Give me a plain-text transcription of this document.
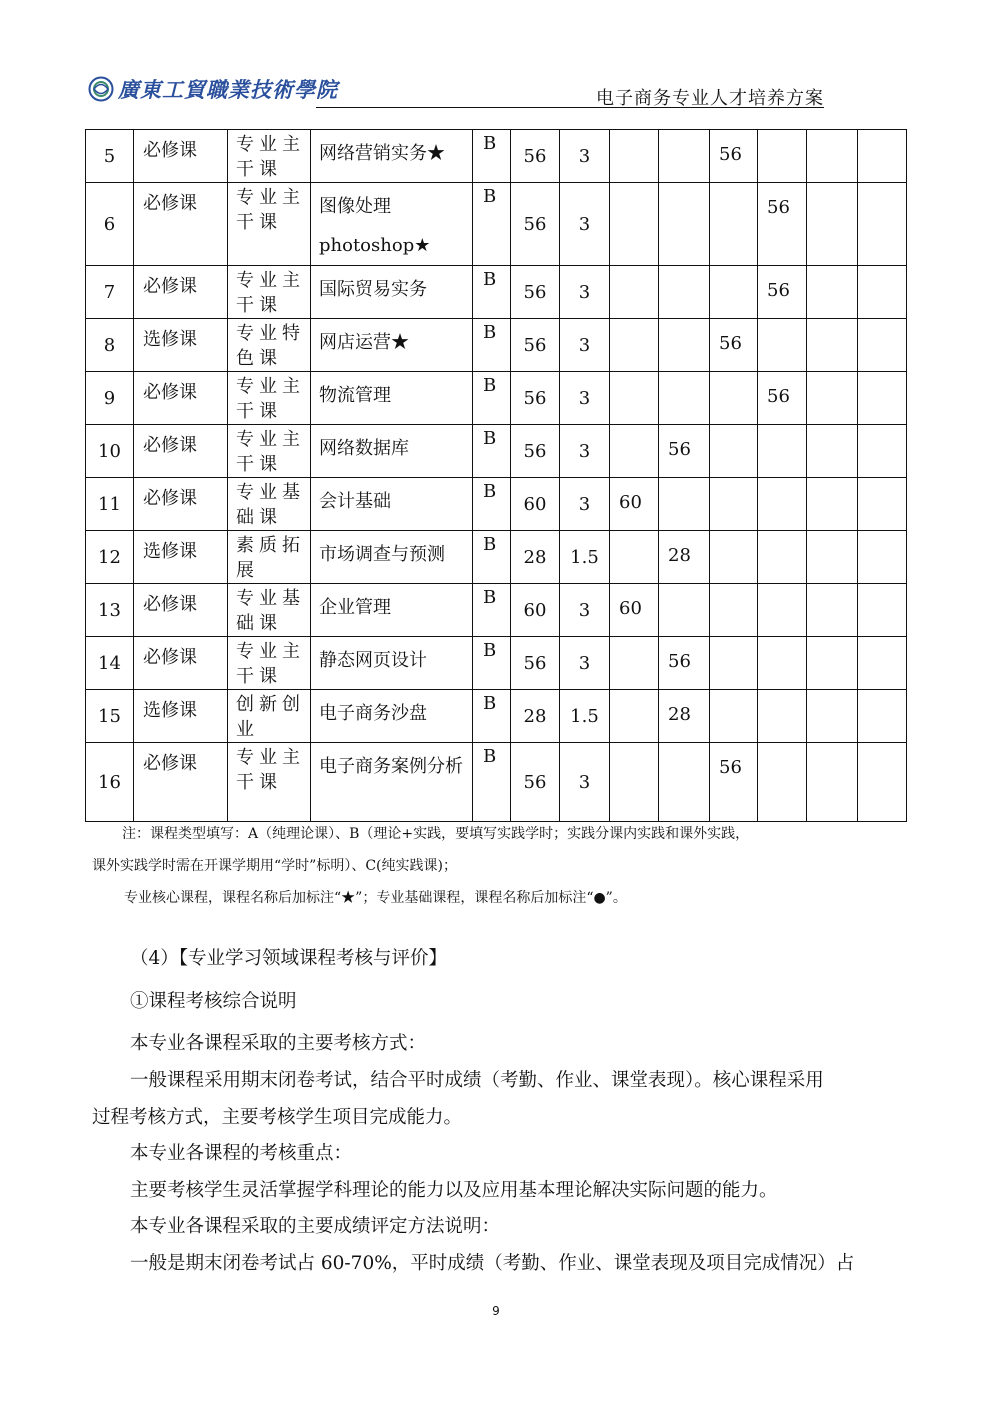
廣東工貿職業技術學院	电子商务专业人才培养方案
5	必修课	专业主干课	网络营销实务★	B	56	3			56			
6	必修课	专业主干课	图像处理 photoshop★	B	56	3				56		
7	必修课	专业主干课	国际贸易实务	B	56	3				56		
8	选修课	专业特色课	网店运营★	B	56	3			56			
9	必修课	专业主干课	物流管理	B	56	3				56		
10	必修课	专业主干课	网络数据库	B	56	3		56				
11	必修课	专业基础课	会计基础	B	60	3	60					
12	选修课	素质拓展	市场调查与预测	B	28	1.5		28				
13	必修课	专业基础课	企业管理	B	60	3	60					
14	必修课	专业主干课	静态网页设计	B	56	3		56				
15	选修课	创新创业	电子商务沙盘	B	28	1.5		28				
16	必修课	专业主干课	电子商务案例分析	B	56	3			56			
注：课程类型填写：A（纯理论课）、B（理论+实践，要填写实践学时；实践分课内实践和课外实践，
课外实践学时需在开课学期用“学时”标明）、C(纯实践课)；
专业核心课程，课程名称后加标注“★”；专业基础课程，课程名称后加标注“●”。
（4）【专业学习领域课程考核与评价】
①课程考核综合说明
本专业各课程采取的主要考核方式：
一般课程采用期末闭卷考试，结合平时成绩（考勤、作业、课堂表现）。核心课程采用
过程考核方式，主要考核学生项目完成能力。
本专业各课程的考核重点：
主要考核学生灵活掌握学科理论的能力以及应用基本理论解决实际问题的能力。
本专业各课程采取的主要成绩评定方法说明：
一般是期末闭卷考试占 60-70%，平时成绩（考勤、作业、课堂表现及项目完成情况）占
9
